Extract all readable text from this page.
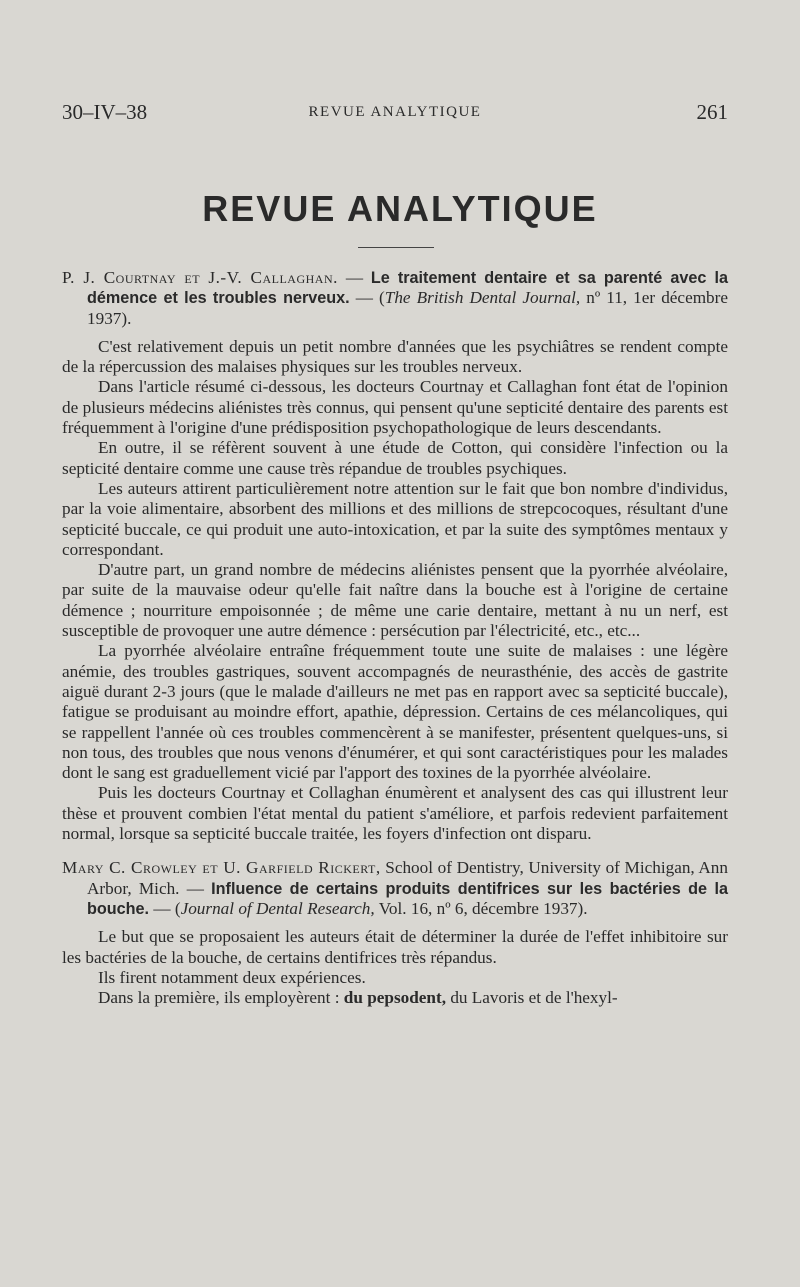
30–IV–38	REVUE ANALYTIQUE	261
REVUE ANALYTIQUE

P. J. Courtnay et J.-V. Callaghan. — Le traitement dentaire et sa parenté avec la démence et les troubles nerveux. — (The British Dental Journal, nº 11, 1er décembre 1937).

C'est relativement depuis un petit nombre d'années que les psychiâtres se rendent compte de la répercussion des malaises physiques sur les troubles nerveux.

Dans l'article résumé ci-dessous, les docteurs Courtnay et Callaghan font état de l'opinion de plusieurs médecins aliénistes très connus, qui pensent qu'une septicité dentaire des parents est fréquemment à l'origine d'une prédisposition psychopathologique de leurs descendants.

En outre, il se réfèrent souvent à une étude de Cotton, qui considère l'infection ou la septicité dentaire comme une cause très répandue de troubles psychiques.

Les auteurs attirent particulièrement notre attention sur le fait que bon nombre d'individus, par la voie alimentaire, absorbent des millions et des millions de strepcocoques, résultant d'une septicité buccale, ce qui produit une auto-intoxication, et par la suite des symptômes mentaux y correspondant.

D'autre part, un grand nombre de médecins aliénistes pensent que la pyorrhée alvéolaire, par suite de la mauvaise odeur qu'elle fait naître dans la bouche est à l'origine de certaine démence ; nourriture empoisonnée ; de même une carie dentaire, mettant à nu un nerf, est susceptible de provoquer une autre démence : persécution par l'électricité, etc., etc...

La pyorrhée alvéolaire entraîne fréquemment toute une suite de malaises : une légère anémie, des troubles gastriques, souvent accompagnés de neurasthénie, des accès de gastrite aiguë durant 2-3 jours (que le malade d'ailleurs ne met pas en rapport avec sa septicité buccale), fatigue se produisant au moindre effort, apathie, dépression. Certains de ces mélancoliques, qui se rappellent l'année où ces troubles commencèrent à se manifester, présentent quelques-uns, si non tous, des troubles que nous venons d'énumérer, et qui sont caractéristiques pour les malades dont le sang est graduellement vicié par l'apport des toxines de la pyorrhée alvéolaire.

Puis les docteurs Courtnay et Collaghan énumèrent et analysent des cas qui illustrent leur thèse et prouvent combien l'état mental du patient s'améliore, et parfois redevient parfaitement normal, lorsque sa septicité buccale traitée, les foyers d'infection ont disparu.

Mary C. Crowley et U. Garfield Rickert, School of Dentistry, University of Michigan, Ann Arbor, Mich. — Influence de certains produits dentifrices sur les bactéries de la bouche. — (Journal of Dental Research, Vol. 16, nº 6, décembre 1937).

Le but que se proposaient les auteurs était de déterminer la durée de l'effet inhibitoire sur les bactéries de la bouche, de certains dentifrices très répandus.

Ils firent notamment deux expériences.

Dans la première, ils employèrent : du pepsodent, du Lavoris et de l'hexyl-
